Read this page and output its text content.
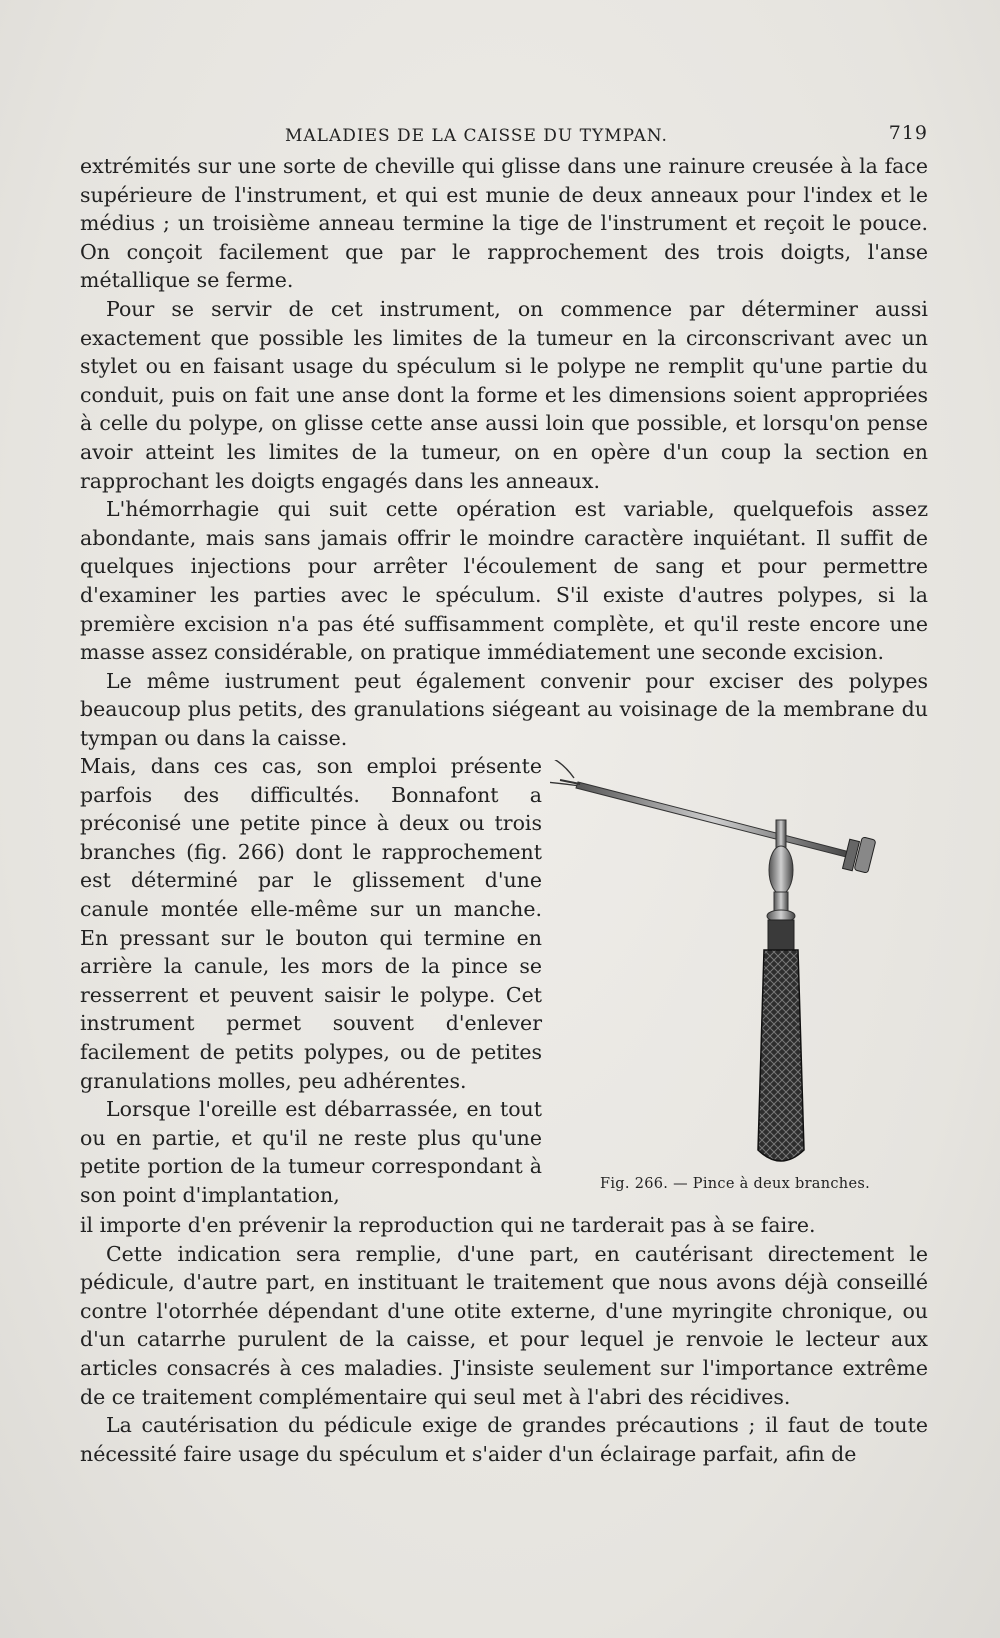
MALADIES DE LA CAISSE DU TYMPAN.	719

extrémités sur une sorte de cheville qui glisse dans une rainure creusée à la face supérieure de l'instrument, et qui est munie de deux anneaux pour l'index et le médius ; un troisième anneau termine la tige de l'instrument et reçoit le pouce. On conçoit facilement que par le rapprochement des trois doigts, l'anse métallique se ferme.

Pour se servir de cet instrument, on commence par déterminer aussi exactement que possible les limites de la tumeur en la circonscrivant avec un stylet ou en faisant usage du spéculum si le polype ne remplit qu'une partie du conduit, puis on fait une anse dont la forme et les dimensions soient appropriées à celle du polype, on glisse cette anse aussi loin que possible, et lorsqu'on pense avoir atteint les limites de la tumeur, on en opère d'un coup la section en rapprochant les doigts engagés dans les anneaux.

L'hémorrhagie qui suit cette opération est variable, quelquefois assez abondante, mais sans jamais offrir le moindre caractère inquiétant. Il suffit de quelques injections pour arrêter l'écoulement de sang et pour permettre d'examiner les parties avec le spéculum. S'il existe d'autres polypes, si la première excision n'a pas été suffisamment complète, et qu'il reste encore une masse assez considérable, on pratique immédiatement une seconde excision.

Le même iustrument peut également convenir pour exciser des polypes beaucoup plus petits, des granulations siégeant au voisinage de la membrane du tympan ou dans la caisse.

Mais, dans ces cas, son emploi présente parfois des difficultés. Bonnafont a préconisé une petite pince à deux ou trois branches (fig. 266) dont le rapprochement est déterminé par le glissement d'une canule montée elle-même sur un manche. En pressant sur le bouton qui termine en arrière la canule, les mors de la pince se resserrent et peuvent saisir le polype. Cet instrument permet souvent d'enlever facilement de petits polypes, ou de petites granulations molles, peu adhérentes.

Lorsque l'oreille est débarrassée, en tout ou en partie, et qu'il ne reste plus qu'une petite portion de la tumeur correspondant à son point d'implantation,	Fig. 266. — Pince à deux branches.

il importe d'en prévenir la reproduction qui ne tarderait pas à se faire.

Cette indication sera remplie, d'une part, en cautérisant directement le pédicule, d'autre part, en instituant le traitement que nous avons déjà conseillé contre l'otorrhée dépendant d'une otite externe, d'une myringite chronique, ou d'un catarrhe purulent de la caisse, et pour lequel je renvoie le lecteur aux articles consacrés à ces maladies. J'insiste seulement sur l'importance extrême de ce traitement complémentaire qui seul met à l'abri des récidives.

La cautérisation du pédicule exige de grandes précautions ; il faut de toute nécessité faire usage du spéculum et s'aider d'un éclairage parfait, afin de
